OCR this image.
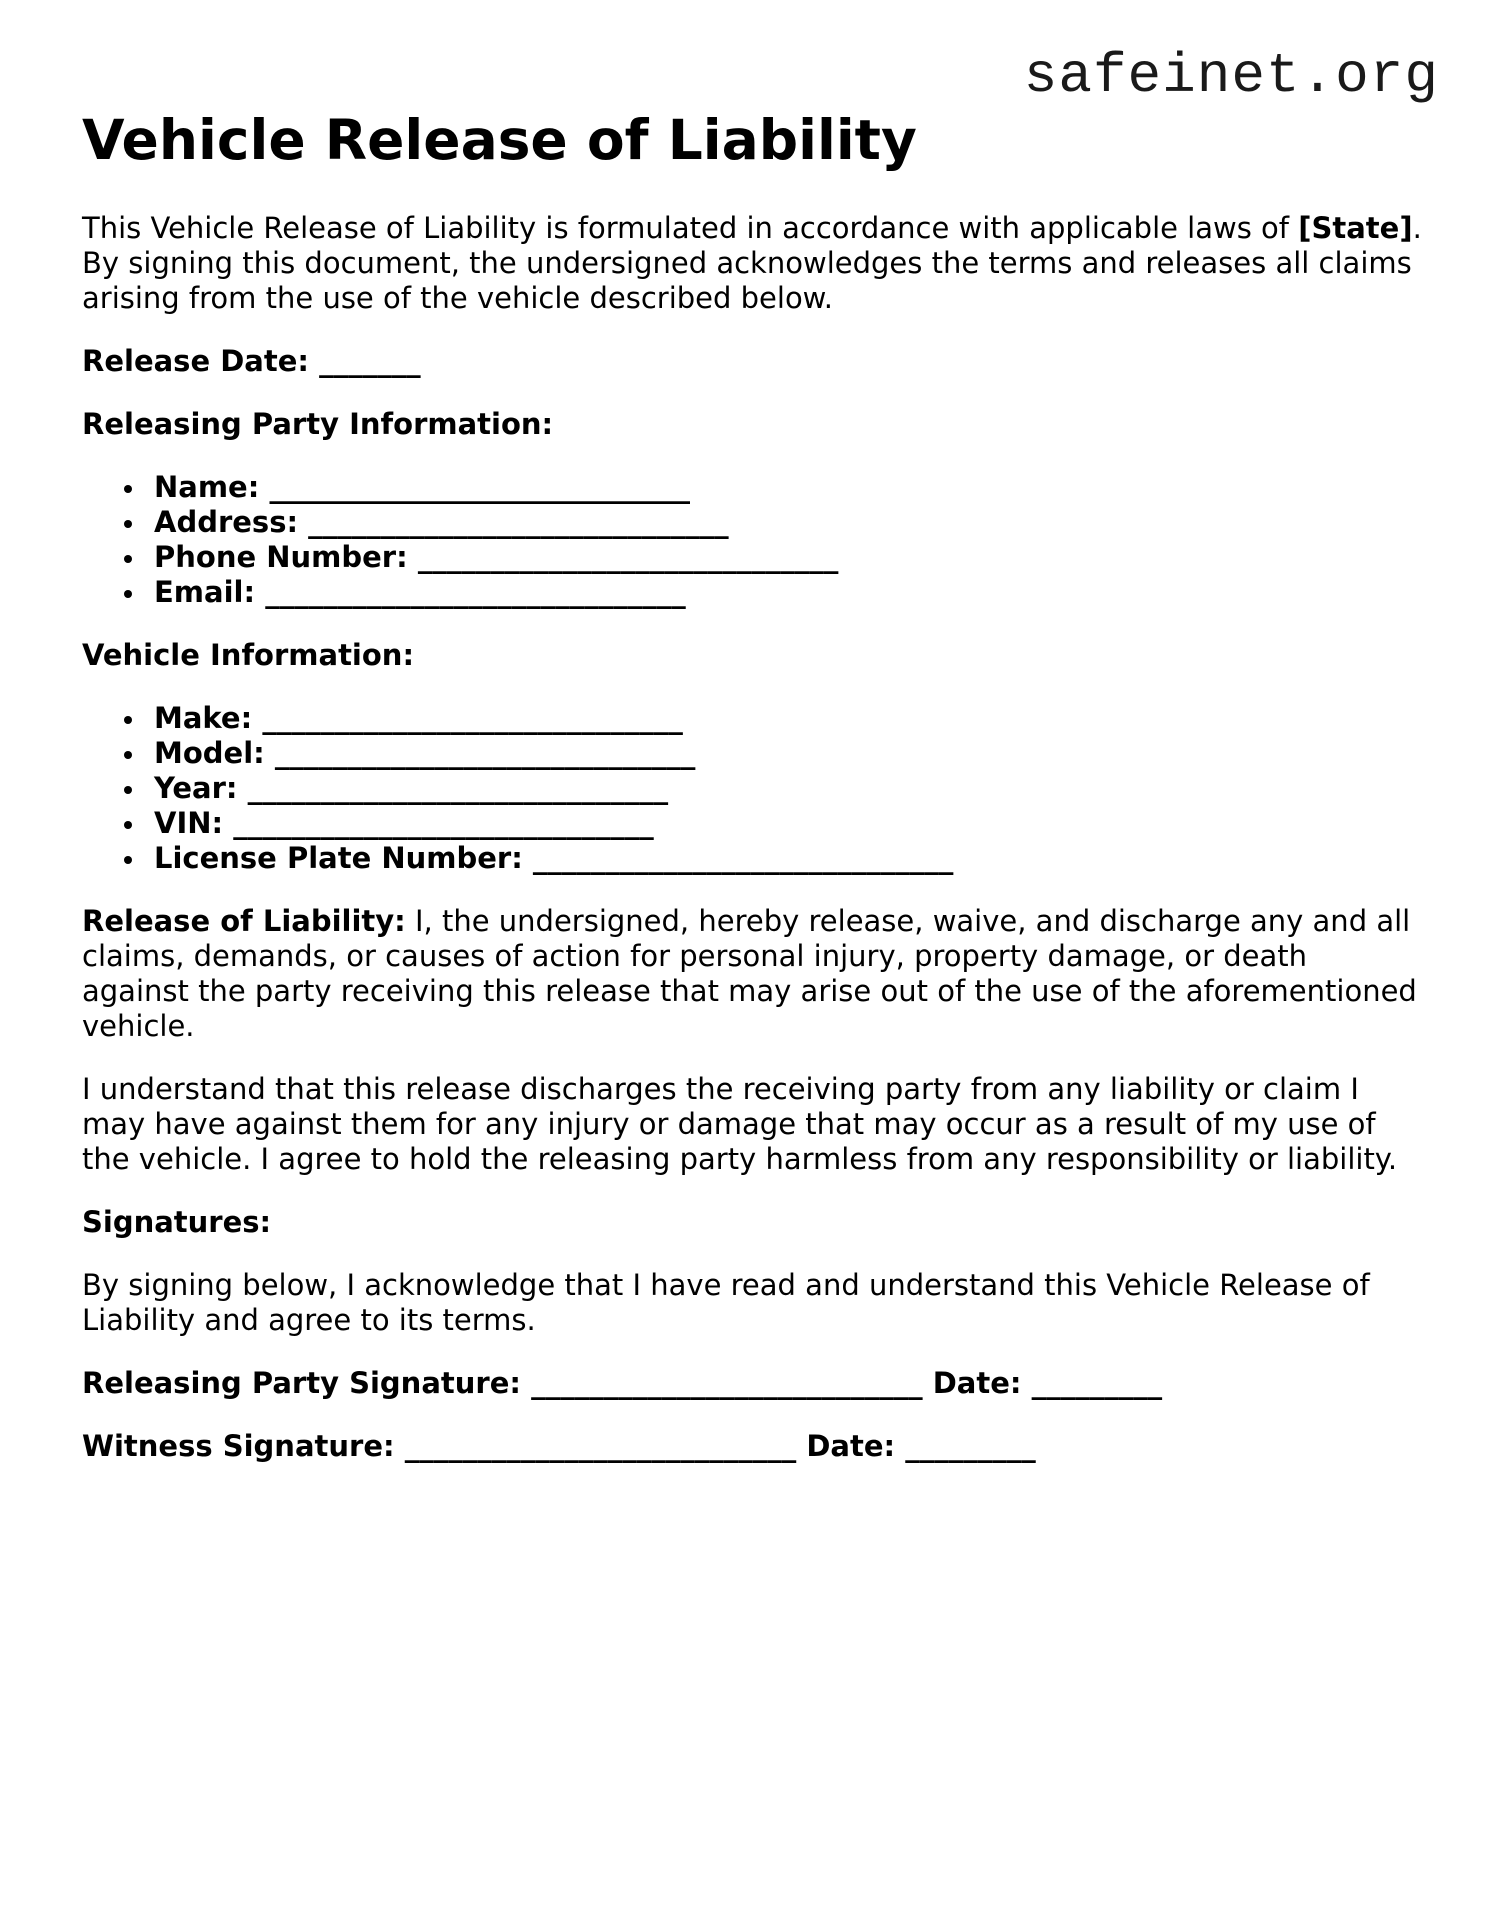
safeinet.org
Vehicle Release of Liability

This Vehicle Release of Liability is formulated in accordance with applicable laws of [State]. By signing this document, the undersigned acknowledges the terms and releases all claims arising from the use of the vehicle described below.

Release Date: _______

Releasing Party Information:

Name: _____________________________
Address: _____________________________
Phone Number: _____________________________
Email: _____________________________

Vehicle Information:

Make: _____________________________
Model: _____________________________
Year: _____________________________
VIN: _____________________________
License Plate Number: _____________________________

Release of Liability: I, the undersigned, hereby release, waive, and discharge any and all claims, demands, or causes of action for personal injury, property damage, or death against the party receiving this release that may arise out of the use of the aforementioned vehicle.

I understand that this release discharges the receiving party from any liability or claim I may have against them for any injury or damage that may occur as a result of my use of the vehicle. I agree to hold the releasing party harmless from any responsibility or liability.

Signatures:

By signing below, I acknowledge that I have read and understand this Vehicle Release of Liability and agree to its terms.

Releasing Party Signature: ___________________________ Date: _________

Witness Signature: ___________________________ Date: _________
